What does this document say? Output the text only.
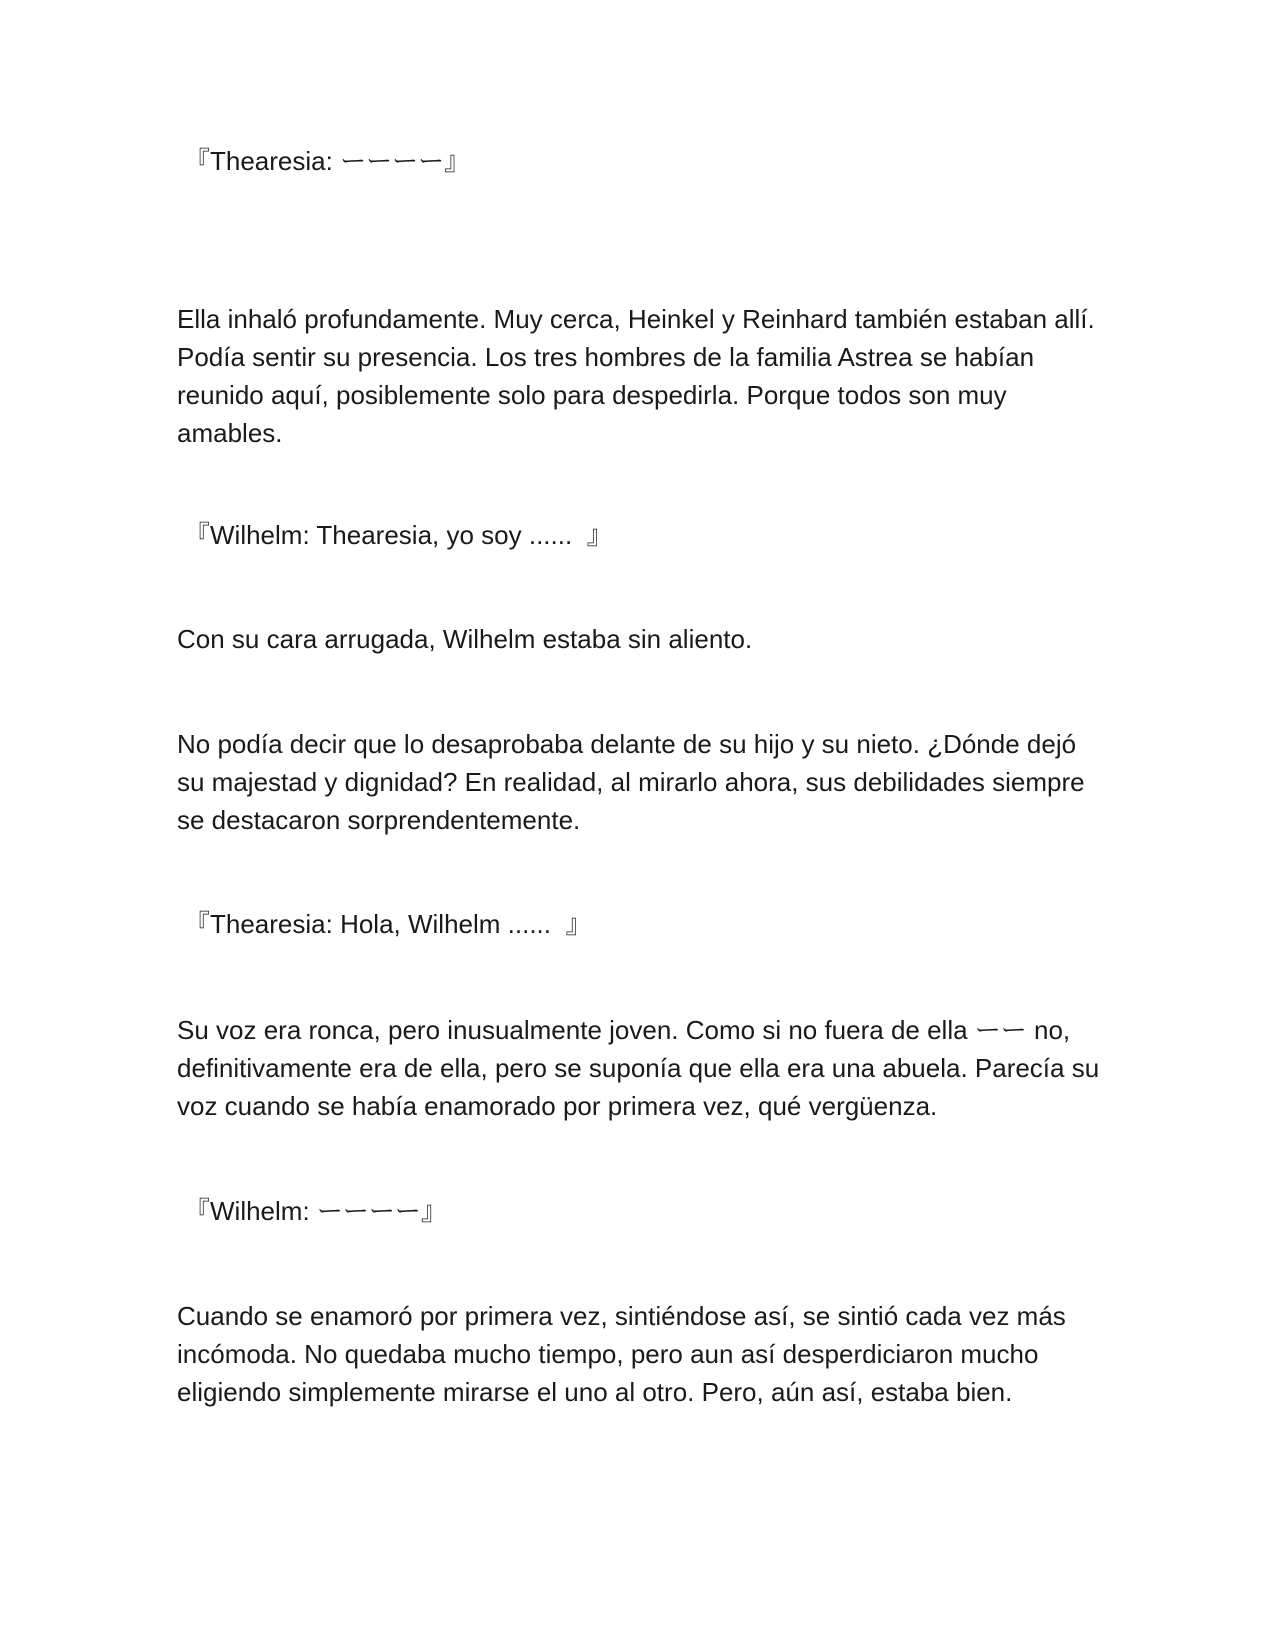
『Thearesia: ーーーー』

Ella inhaló profundamente. Muy cerca, Heinkel y Reinhard también estaban allí. Podía sentir su presencia. Los tres hombres de la familia Astrea se habían reunido aquí, posiblemente solo para despedirla. Porque todos son muy amables.

『Wilhelm: Thearesia, yo soy ......  』

Con su cara arrugada, Wilhelm estaba sin aliento.

No podía decir que lo desaprobaba delante de su hijo y su nieto. ¿Dónde dejó su majestad y dignidad? En realidad, al mirarlo ahora, sus debilidades siempre se destacaron sorprendentemente.

『Thearesia: Hola, Wilhelm ......  』

Su voz era ronca, pero inusualmente joven. Como si no fuera de ella ーー no, definitivamente era de ella, pero se suponía que ella era una abuela. Parecía su voz cuando se había enamorado por primera vez, qué vergüenza.

『Wilhelm: ーーーー』

Cuando se enamoró por primera vez, sintiéndose así, se sintió cada vez más incómoda. No quedaba mucho tiempo, pero aun así desperdiciaron mucho eligiendo simplemente mirarse el uno al otro. Pero, aún así, estaba bien.
